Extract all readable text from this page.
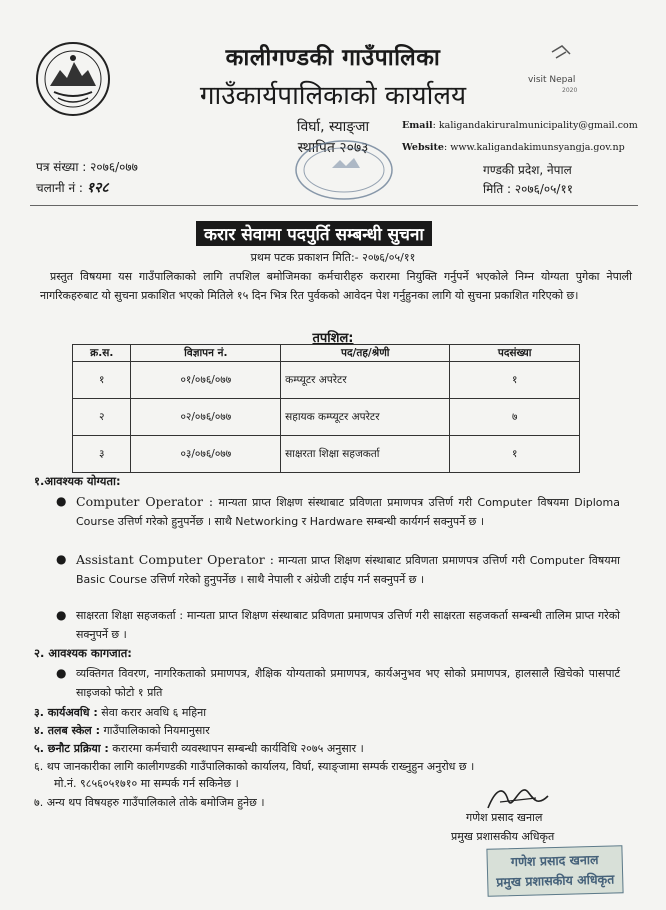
कालीगण्डकी गाउँपालिका
गाउँकार्यपालिकाको कार्यालय
विर्घा, स्याङ्जा
स्थापित २०७३
visit Nepal
2020
Email: kaligandakiruralmunicipality@gmail.com
Website: www.kaligandakimunsyangja.gov.np
गण्डकी प्रदेश, नेपाल
मिति : २०७६/०५/११
पत्र संख्या : २०७६/०७७
चलानी नं : १२८
करार सेवामा पदपुर्ति सम्बन्धी सुचना
प्रथम पटक प्रकाशन मिति:- २०७६/०५/११
प्रस्तुत विषयमा यस गाउँपालिकाको लागि तपशिल बमोजिमका कर्मचारीहरु करारमा नियुक्ति गर्नुपर्ने भएकोले निम्न योग्यता पुगेका नेपाली नागरिकहरुबाट यो सुचना प्रकाशित भएको मितिले १५ दिन भित्र रित पुर्वकको आवेदन पेश गर्नुहुनका लागि यो सुचना प्रकाशित गरिएको छ।
तपशिल:
क्र.स.	विज्ञापन नं.	पद/तह/श्रेणी	पदसंख्या
१	०१/०७६/०७७	कम्प्यूटर अपरेटर	१
२	०२/०७६/०७७	सहायक कम्प्यूटर अपरेटर	७
३	०३/०७६/०७७	साक्षरता शिक्षा सहजकर्ता	१
१.आवश्यक योग्यता:
● Computer Operator : मान्यता प्राप्त शिक्षण संस्थाबाट प्रविणता प्रमाणपत्र उत्तिर्ण गरी Computer विषयमा Diploma Course उत्तिर्ण गरेको हुनुपर्नेछ । साथै Networking र Hardware सम्बन्धी कार्यगर्न सक्नुपर्ने छ ।
● Assistant Computer Operator : मान्यता प्राप्त शिक्षण संस्थाबाट प्रविणता प्रमाणपत्र उत्तिर्ण गरी Computer विषयमा Basic Course उत्तिर्ण गरेको हुनुपर्नेछ । साथै नेपाली र अंग्रेजी टाईप गर्न सक्नुपर्ने छ ।
● साक्षरता शिक्षा सहजकर्ता : मान्यता प्राप्त शिक्षण संस्थाबाट प्रविणता प्रमाणपत्र उत्तिर्ण गरी साक्षरता सहजकर्ता सम्बन्धी तालिम प्राप्त गरेको सक्नुपर्ने छ ।
२. आवश्यक कागजात:
● व्यक्तिगत विवरण, नागरिकताको प्रमाणपत्र, शैक्षिक योग्यताको प्रमाणपत्र, कार्यअनुभव भए सोको प्रमाणपत्र, हालसालै खिचेको पासपार्ट साइजको फोटो १ प्रति
३. कार्यअवधि : सेवा करार अवधि ६ महिना
४. तलब स्केल : गाउँपालिकाको नियमानुसार
५. छनौट प्रक्रिया : करारमा कर्मचारी व्यवस्थापन सम्बन्धी कार्यविधि २०७५ अनुसार ।
६. थप जानकारीका लागि कालीगण्डकी गाउँपालिकाको कार्यालय, विर्घा, स्याङ्जामा सम्पर्क राख्नुहुन अनुरोध छ ।
मो.नं. ९८५६०५१७१० मा सम्पर्क गर्न सकिनेछ ।
७. अन्य थप विषयहरु गाउँपालिकाले तोके बमोजिम हुनेछ ।
गणेश प्रसाद खनाल
प्रमुख प्रशासकीय अधिकृत
गणेश प्रसाद खनाल
प्रमुख प्रशासकीय अधिकृत
